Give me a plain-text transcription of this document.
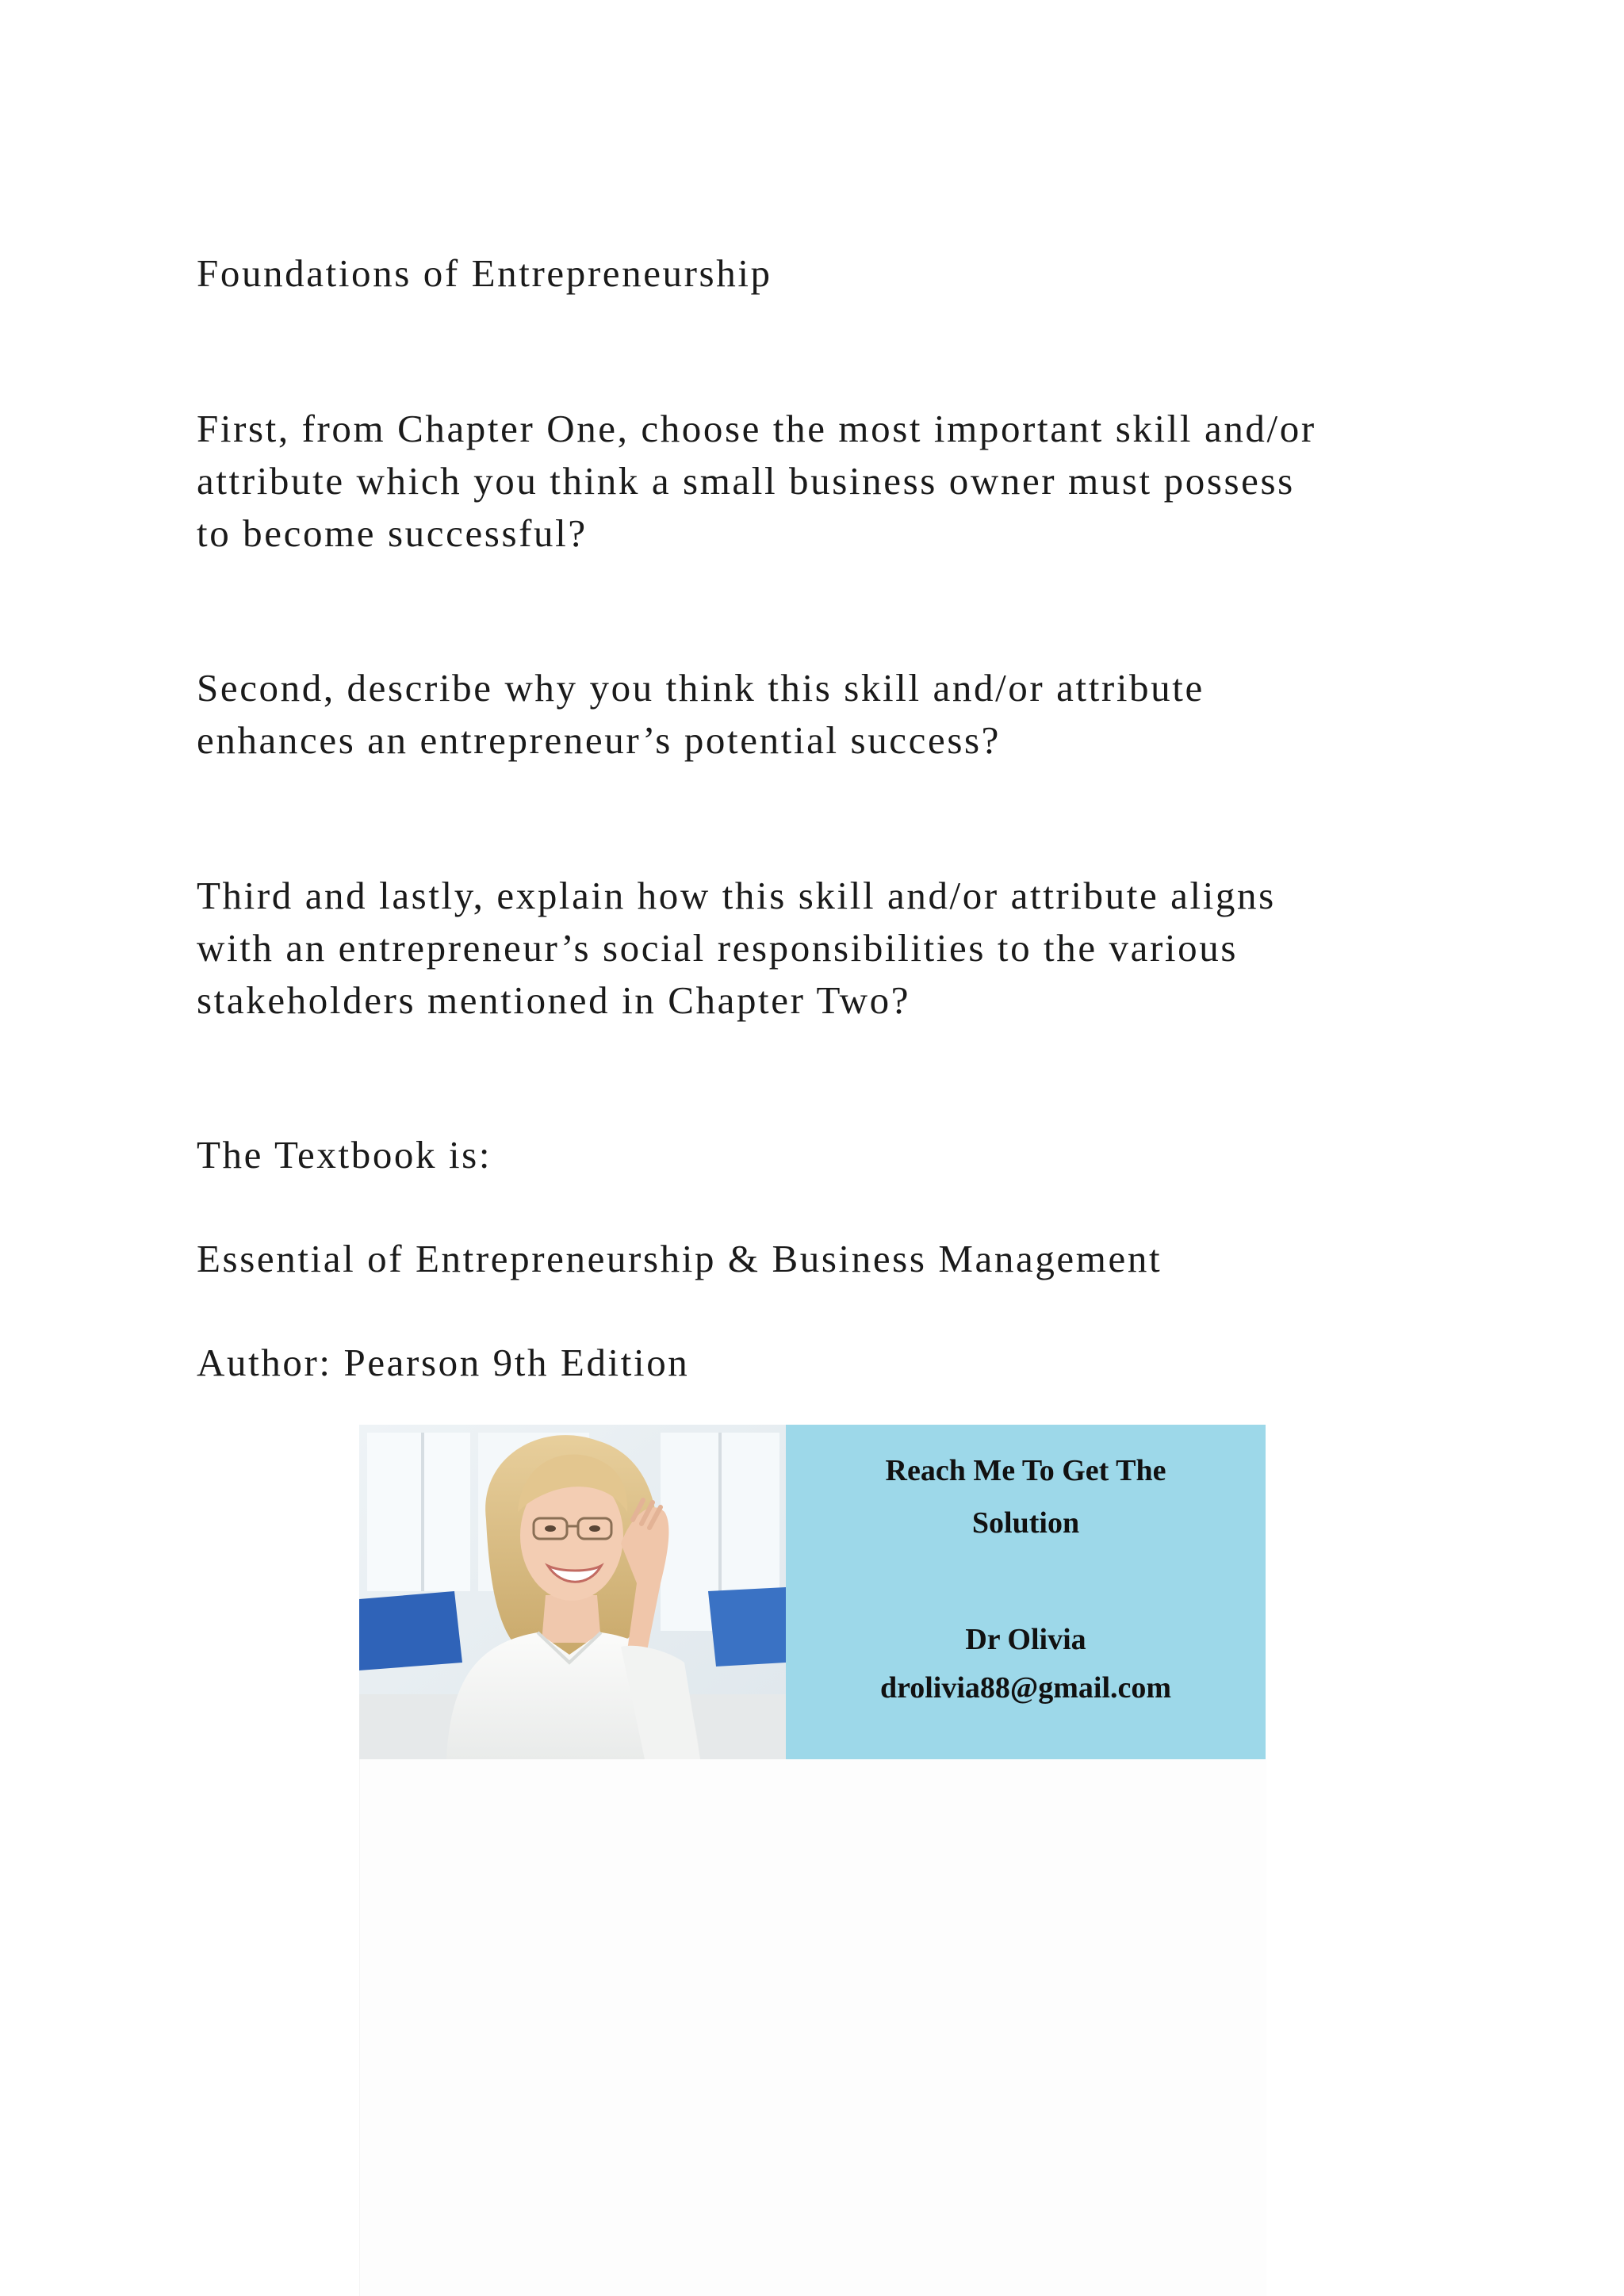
Foundations of Entrepreneurship

First, from Chapter One, choose the most important skill and/or
attribute which you think a small business owner must possess
to become successful?

Second, describe why you think this skill and/or attribute
enhances an entrepreneur’s potential success?

Third and lastly, explain how this skill and/or attribute aligns
with an entrepreneur’s social responsibilities to the various
stakeholders mentioned in Chapter Two?

The Textbook is:

Essential of Entrepreneurship & Business Management

Author: Pearson 9th Edition

Reach Me To Get The
Solution
Dr Olivia
drolivia88@gmail.com
